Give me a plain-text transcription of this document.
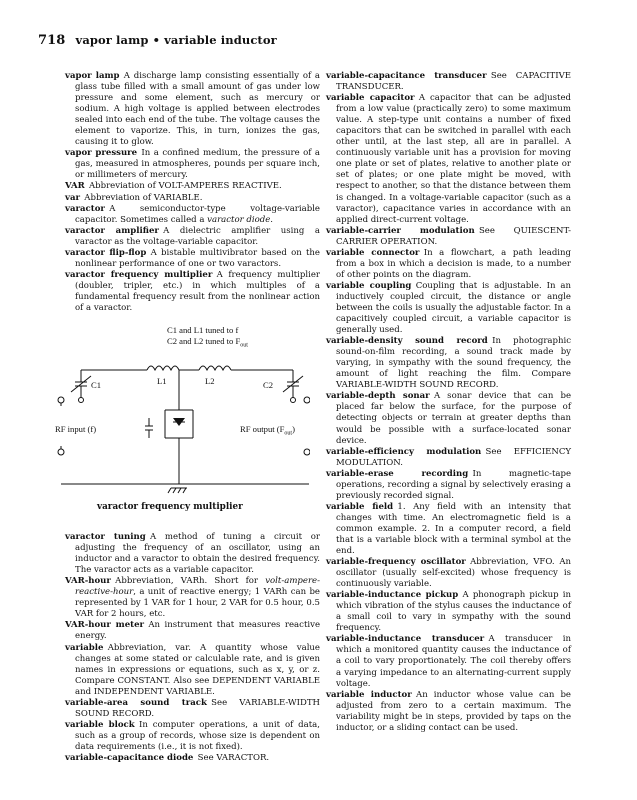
718 vapor lamp • variable inductor

vapor lamp  A discharge lamp consisting essentially of a glass tube filled with a small amount of gas under low pressure and some element, such as mercury or sodium. A high voltage is applied between electrodes sealed into each end of the tube. The voltage causes the element to vaporize. This, in turn, ionizes the gas, causing it to glow.

vapor pressure  In a confined medium, the pressure of a gas, measured in atmospheres, pounds per square inch, or millimeters of mercury.

VAR  Abbreviation of VOLT-AMPERES REACTIVE.

var  Abbreviation of VARIABLE.

varactor  A semiconductor-type voltage-variable capacitor. Sometimes called a varactor diode.

varactor amplifier  A dielectric amplifier using a varactor as the voltage-variable capacitor.

varactor flip-flop  A bistable multivibrator based on the nonlinear performance of one or two varactors.

varactor frequency multiplier  A frequency multiplier (doubler, tripler, etc.) in which multiples of a fundamental frequency result from the nonlinear action of a varactor.

C1 and L1 tuned to f
C2 and L2 tuned to $F_{out}$
C1	L1	L2	C2
RF input (f)	RF output $(F_{out})$
varactor frequency multiplier

varactor tuning  A method of tuning a circuit or adjusting the frequency of an oscillator, using an inductor and a varactor to obtain the desired frequency. The varactor acts as a variable capacitor.

VAR-hour  Abbreviation, VARh. Short for volt-ampere-reactive-hour, a unit of reactive energy; 1 VARh can be represented by 1 VAR for 1 hour, 2 VAR for 0.5 hour, 0.5 VAR for 2 hours, etc.

VAR-hour meter  An instrument that measures reactive energy.

variable  Abbreviation, var. A quantity whose value changes at some stated or calculable rate, and is given names in expressions or equations, such as x, y, or z. Compare CONSTANT. Also see DEPENDENT VARIABLE and INDEPENDENT VARIABLE.

variable-area sound track  See VARIABLE-WIDTH SOUND RECORD.

variable block  In computer operations, a unit of data, such as a group of records, whose size is dependent on data requirements (i.e., it is not fixed).

variable-capacitance diode  See VARACTOR.

variable-capacitance transducer  See CAPACITIVE TRANSDUCER.

variable capacitor  A capacitor that can be adjusted from a low value (practically zero) to some maximum value. A step-type unit contains a number of fixed capacitors that can be switched in parallel with each other until, at the last step, all are in parallel. A continuously variable unit has a provision for moving one plate or set of plates, relative to another plate or set of plates; or one plate might be moved, with respect to another, so that the distance between them is changed. In a voltage-variable capacitor (such as a varactor), capacitance varies in accordance with an applied direct-current voltage.

variable-carrier modulation  See QUIESCENT-CARRIER OPERATION.

variable connector  In a flowchart, a path leading from a box in which a decision is made, to a number of other points on the diagram.

variable coupling  Coupling that is adjustable. In an inductively coupled circuit, the distance or angle between the coils is usually the adjustable factor. In a capacitively coupled circuit, a variable capacitor is generally used.

variable-density sound record  In photographic sound-on-film recording, a sound track made by varying, in sympathy with the sound frequency, the amount of light reaching the film. Compare VARIABLE-WIDTH SOUND RECORD.

variable-depth sonar  A sonar device that can be placed far below the surface, for the purpose of detecting objects or terrain at greater depths than would be possible with a surface-located sonar device.

variable-efficiency modulation  See EFFICIENCY MODULATION.

variable-erase recording  In magnetic-tape operations, recording a signal by selectively erasing a previously recorded signal.

variable field  1. Any field with an intensity that changes with time. An electromagnetic field is a common example. 2. In a computer record, a field that is a variable block with a terminal symbol at the end.

variable-frequency oscillator  Abbreviation, VFO. An oscillator (usually self-excited) whose frequency is continuously variable.

variable-inductance pickup  A phonograph pickup in which vibration of the stylus causes the inductance of a small coil to vary in sympathy with the sound frequency.

variable-inductance transducer  A transducer in which a monitored quantity causes the inductance of a coil to vary proportionately. The coil thereby offers a varying impedance to an alternating-current supply voltage.

variable inductor  An inductor whose value can be adjusted from zero to a certain maximum. The variability might be in steps, provided by taps on the inductor, or a sliding contact can be used.
